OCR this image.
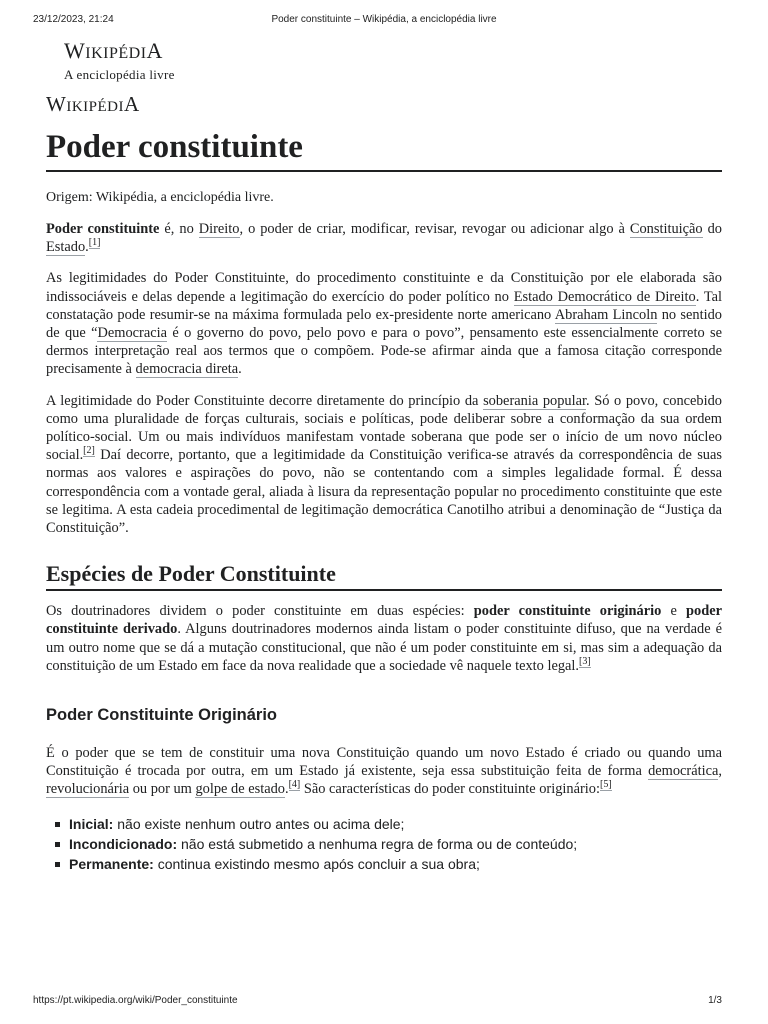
23/12/2023, 21:24	Poder constituinte – Wikipédia, a enciclopédia livre
WIKIPÉDIA
A enciclopédia livre
WIKIPÉDIA
Poder constituinte
Origem: Wikipédia, a enciclopédia livre.

Poder constituinte é, no Direito, o poder de criar, modificar, revisar, revogar ou adicionar algo à Constituição do Estado.[1]

As legitimidades do Poder Constituinte, do procedimento constituinte e da Constituição por ele elaborada são indissociáveis e delas depende a legitimação do exercício do poder político no Estado Democrático de Direito. Tal constatação pode resumir-se na máxima formulada pelo ex-presidente norte americano Abraham Lincoln no sentido de que “Democracia é o governo do povo, pelo povo e para o povo”, pensamento este essencialmente correto se dermos interpretação real aos termos que o compõem. Pode-se afirmar ainda que a famosa citação corresponde precisamente à democracia direta.

A legitimidade do Poder Constituinte decorre diretamente do princípio da soberania popular. Só o povo, concebido como uma pluralidade de forças culturais, sociais e políticas, pode deliberar sobre a conformação da sua ordem político-social. Um ou mais indivíduos manifestam vontade soberana que pode ser o início de um novo núcleo social.[2] Daí decorre, portanto, que a legitimidade da Constituição verifica-se através da correspondência de suas normas aos valores e aspirações do povo, não se contentando com a simples legalidade formal. É dessa correspondência com a vontade geral, aliada à lisura da representação popular no procedimento constituinte que este se legitima. A esta cadeia procedimental de legitimação democrática Canotilho atribui a denominação de “Justiça da Constituição”.

Espécies de Poder Constituinte

Os doutrinadores dividem o poder constituinte em duas espécies: poder constituinte originário e poder constituinte derivado. Alguns doutrinadores modernos ainda listam o poder constituinte difuso, que na verdade é um outro nome que se dá a mutação constitucional, que não é um poder constituinte em si, mas sim a adequação da constituição de um Estado em face da nova realidade que a sociedade vê naquele texto legal.[3]

Poder Constituinte Originário

É o poder que se tem de constituir uma nova Constituição quando um novo Estado é criado ou quando uma Constituição é trocada por outra, em um Estado já existente, seja essa substituição feita de forma democrática, revolucionária ou por um golpe de estado.[4] São características do poder constituinte originário:[5]

Inicial: não existe nenhum outro antes ou acima dele;
Incondicionado: não está submetido a nenhuma regra de forma ou de conteúdo;
Permanente: continua existindo mesmo após concluir a sua obra;
https://pt.wikipedia.org/wiki/Poder_constituinte	1/3
